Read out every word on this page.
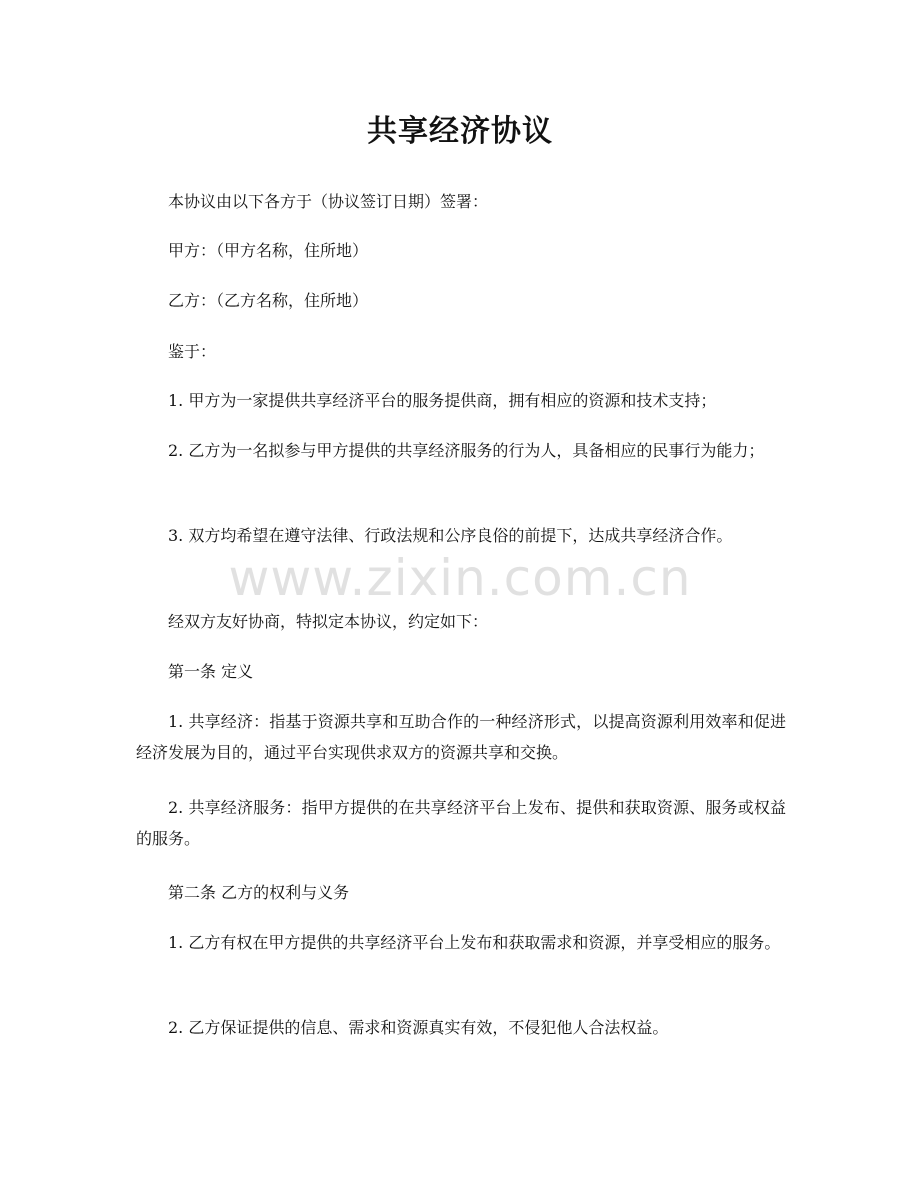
共享经济协议
本协议由以下各方于（协议签订日期）签署：
甲方：（甲方名称，住所地）
乙方：（乙方名称，住所地）
鉴于：
1. 甲方为一家提供共享经济平台的服务提供商，拥有相应的资源和技术支持；
2. 乙方为一名拟参与甲方提供的共享经济服务的行为人，具备相应的民事行为能力；
3. 双方均希望在遵守法律、行政法规和公序良俗的前提下，达成共享经济合作。
经双方友好协商，特拟定本协议，约定如下：
第一条 定义
1. 共享经济：指基于资源共享和互助合作的一种经济形式，以提高资源利用效率和促进经济发展为目的，通过平台实现供求双方的资源共享和交换。
2. 共享经济服务：指甲方提供的在共享经济平台上发布、提供和获取资源、服务或权益的服务。
第二条 乙方的权利与义务
1. 乙方有权在甲方提供的共享经济平台上发布和获取需求和资源，并享受相应的服务。
2. 乙方保证提供的信息、需求和资源真实有效，不侵犯他人合法权益。
www.zixin.com.cn
